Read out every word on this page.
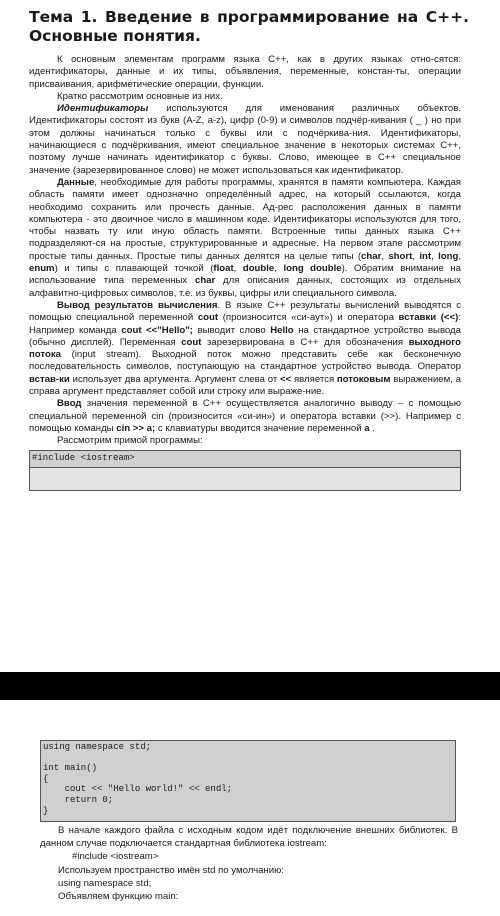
Тема 1. Введение в программирование на С++. Основные понятия.

К основным элементам программ языка С++, как в других языках отно-сятся: идентификаторы, данные и их типы, объявления, переменные, констан-ты, операции присваивания, арифметические операции, функции.

Кратко рассмотрим основные из них.

Идентификаторы используются для именования различных объектов. Идентификаторы состоят из букв (A-Z, a-z), цифр (0-9) и символов подчёр-кивания ( _ ) но при этом должны начинаться только с буквы или с подчёркива-ния. Идентификаторы, начинающиеся с подчёркивания, имеют специальное значение в некоторых системах С++, поэтому лучше начинать идентификатор с буквы. Слово, имеющее в С++ специальное значение (зарезервированное слово) не может использоваться как идентификатор.

Данные, необходимые для работы программы, хранятся в памяти компьютера. Каждая область памяти имеет однозначно определённый адрес, на который ссылаются, когда необходимо сохранить или прочесть данные. Ад-рес расположения данных в памяти компьютера - это двоичное число в машинном коде. Идентификаторы используются для того, чтобы назвать ту или иную область памяти. Встроенные типы данных языка С++ подразделяют-ся на простые, структурированные и адресные. На первом этапе рассмотрим простые типы данных. Простые типы данных делятся на целые типы (char, short, int, long, enum) и типы с плавающей точкой (float, double, long double). Обратим внимание на использование типа переменных char для описания данных, состоящих из отдельных алфавитно-цифровых символов, т.е. из буквы, цифры или специального символа.

Вывод результатов вычисления. В языке С++ результаты вычислений выводятся с помощью специальной переменной cout (произносится «си-аут») и оператора вставки (<<): Например команда cout <<"Hello"; выводит слово Hello на стандартное устройство вывода (обычно дисплей). Переменная cout зарезервирована в С++ для обозначения выходного потока (input stream). Выходной поток можно представить себе как бесконечную последовательность символов, поступающую на стандартное устройство вывода. Оператор встав-ки использует два аргумента. Аргумент слева от << является потоковым выражением, а справа аргумент представляет собой или строку или выраже-ние.

Ввод значения переменной в С++ осуществляется аналогично выводу – с помощью специальной переменной cin (произносится «си-ин») и оператора вставки (>>). Например с помощью команды cin >> a; с клавиатуры вводится значение переменной a .

Рассмотрим примой программы:

#include <iostream>
using namespace std;
int main()
{
cout << "Hello world!" << endl;
return 0;
}

В начале каждого файла с исходным кодом идёт подключение внешних библиотек. В данном случае подключается стандартная библиотека iostream:

#include <iostream>

Используем пространство имён std по умолчанию:

using namespace std;

Объявляем функцию main:
